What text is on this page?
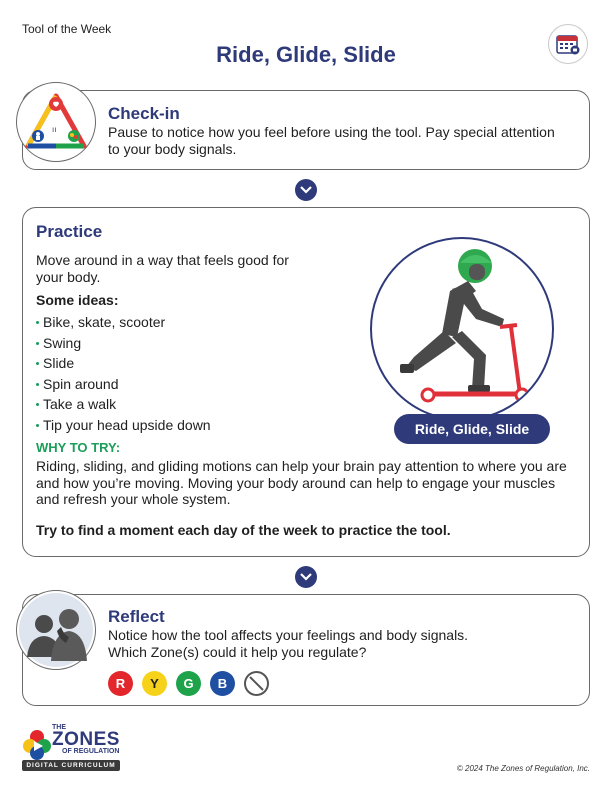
Tool of the Week
Ride, Glide, Slide
ıı
Check-in
Pause to notice how you feel before using the tool. Pay special attention to your body signals.
Practice
Move around in a way that feels good for your body.
Some ideas:
Bike, skate, scooter
Swing
Slide
Spin around
Take a walk
Tip your head upside down	Ride, Glide, Slide
WHY TO TRY:
Riding, sliding, and gliding motions can help your brain pay attention to where you are and how you’re moving. Moving your body around can help to engage your muscles and refresh your whole system.
Try to find a moment each day of the week to practice the tool.
Reflect
Notice how the tool affects your feelings and body signals.
Which Zone(s) could it help you regulate?
R	Y	G	B
THE
ZONES
OF REGULATION
DIGITAL CURRICULUM	© 2024 The Zones of Regulation, Inc.
